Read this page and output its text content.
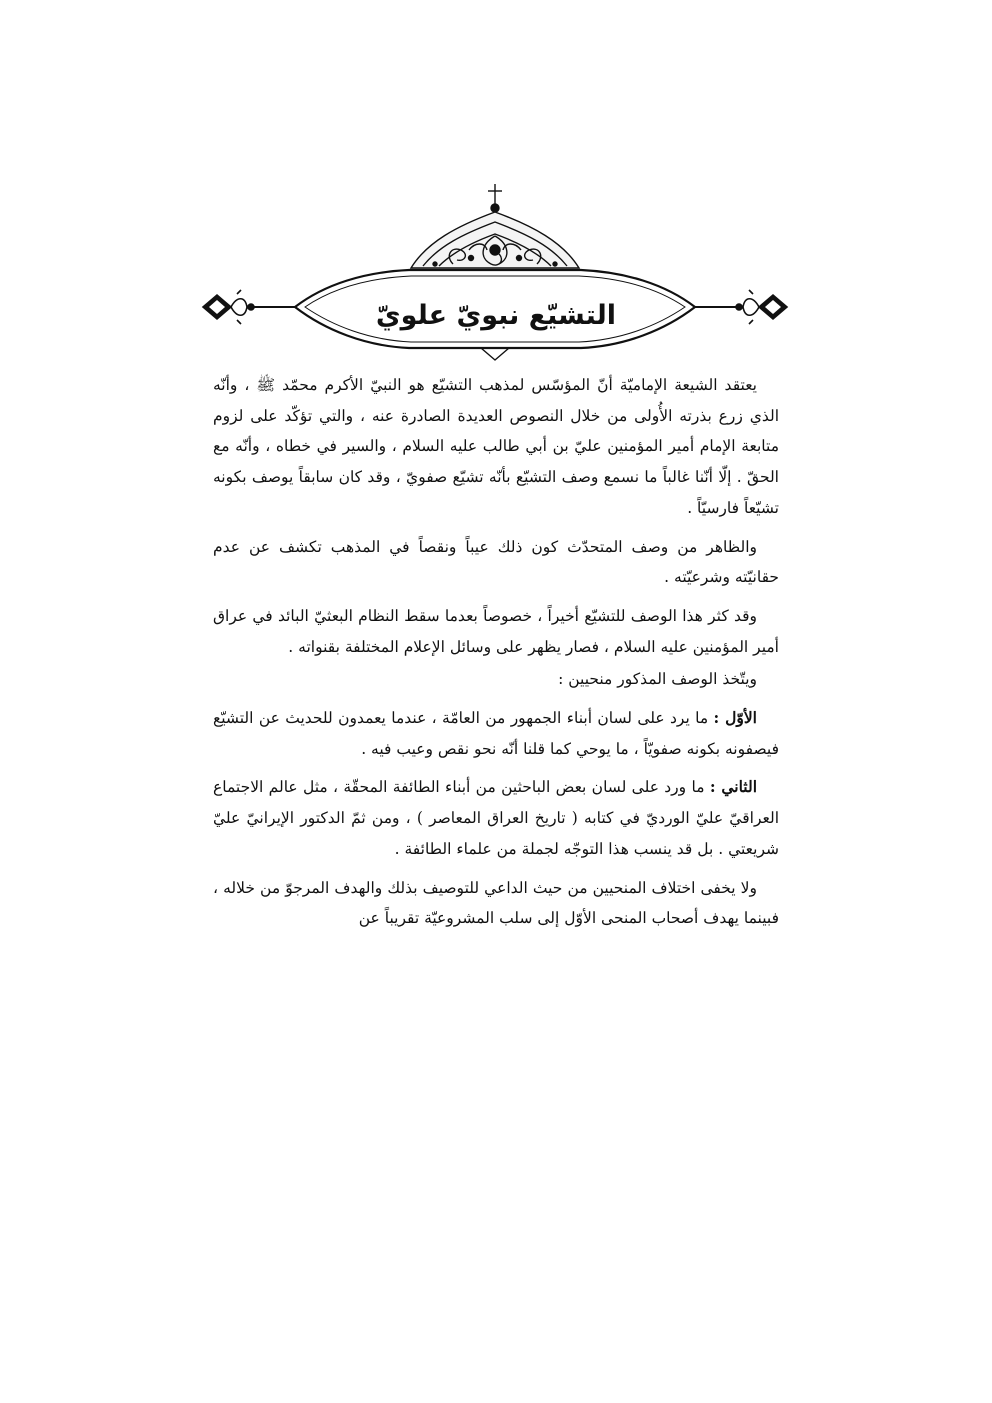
التشيّع نبويّ علويّ

يعتقد الشيعة الإماميّة أنّ المؤسّس لمذهب التشيّع هو النبيّ الأكرم محمّد ﷺ ، وأنّه الذي زرع بذرته الأُولى من خلال النصوص العديدة الصادرة عنه ، والتي تؤكّد على لزوم متابعة الإمام أمير المؤمنين عليّ بن أبي طالب عليه السلام ، والسير في خطاه ، وأنّه مع الحقّ . إلّا أنّنا غالباً ما نسمع وصف التشيّع بأنّه تشيّع صفويّ ، وقد كان سابقاً يوصف بكونه تشيّعاً فارسيّاً .

والظاهر من وصف المتحدّث كون ذلك عيباً ونقصاً في المذهب تكشف عن عدم حقانيّته وشرعيّته .

وقد كثر هذا الوصف للتشيّع أخيراً ، خصوصاً بعدما سقط النظام البعثيّ البائد في عراق أمير المؤمنين عليه السلام ، فصار يظهر على وسائل الإعلام المختلفة بقنواته .

ويتّخذ الوصف المذكور منحيين :

الأوّل : ما يرد على لسان أبناء الجمهور من العامّة ، عندما يعمدون للحديث عن التشيّع فيصفونه بكونه صفويّاً ، ما يوحي كما قلنا أنّه نحو نقص وعيب فيه .

الثاني : ما ورد على لسان بعض الباحثين من أبناء الطائفة المحقّة ، مثل عالم الاجتماع العراقيّ عليّ الورديّ في كتابه ( تاريخ العراق المعاصر ) ، ومن ثمّ الدكتور الإيرانيّ عليّ شريعتي . بل قد ينسب هذا التوجّه لجملة من علماء الطائفة .

ولا يخفى اختلاف المنحيين من حيث الداعي للتوصيف بذلك والهدف المرجوّ من خلاله ، فبينما يهدف أصحاب المنحى الأوّل إلى سلب المشروعيّة تقريباً عن
